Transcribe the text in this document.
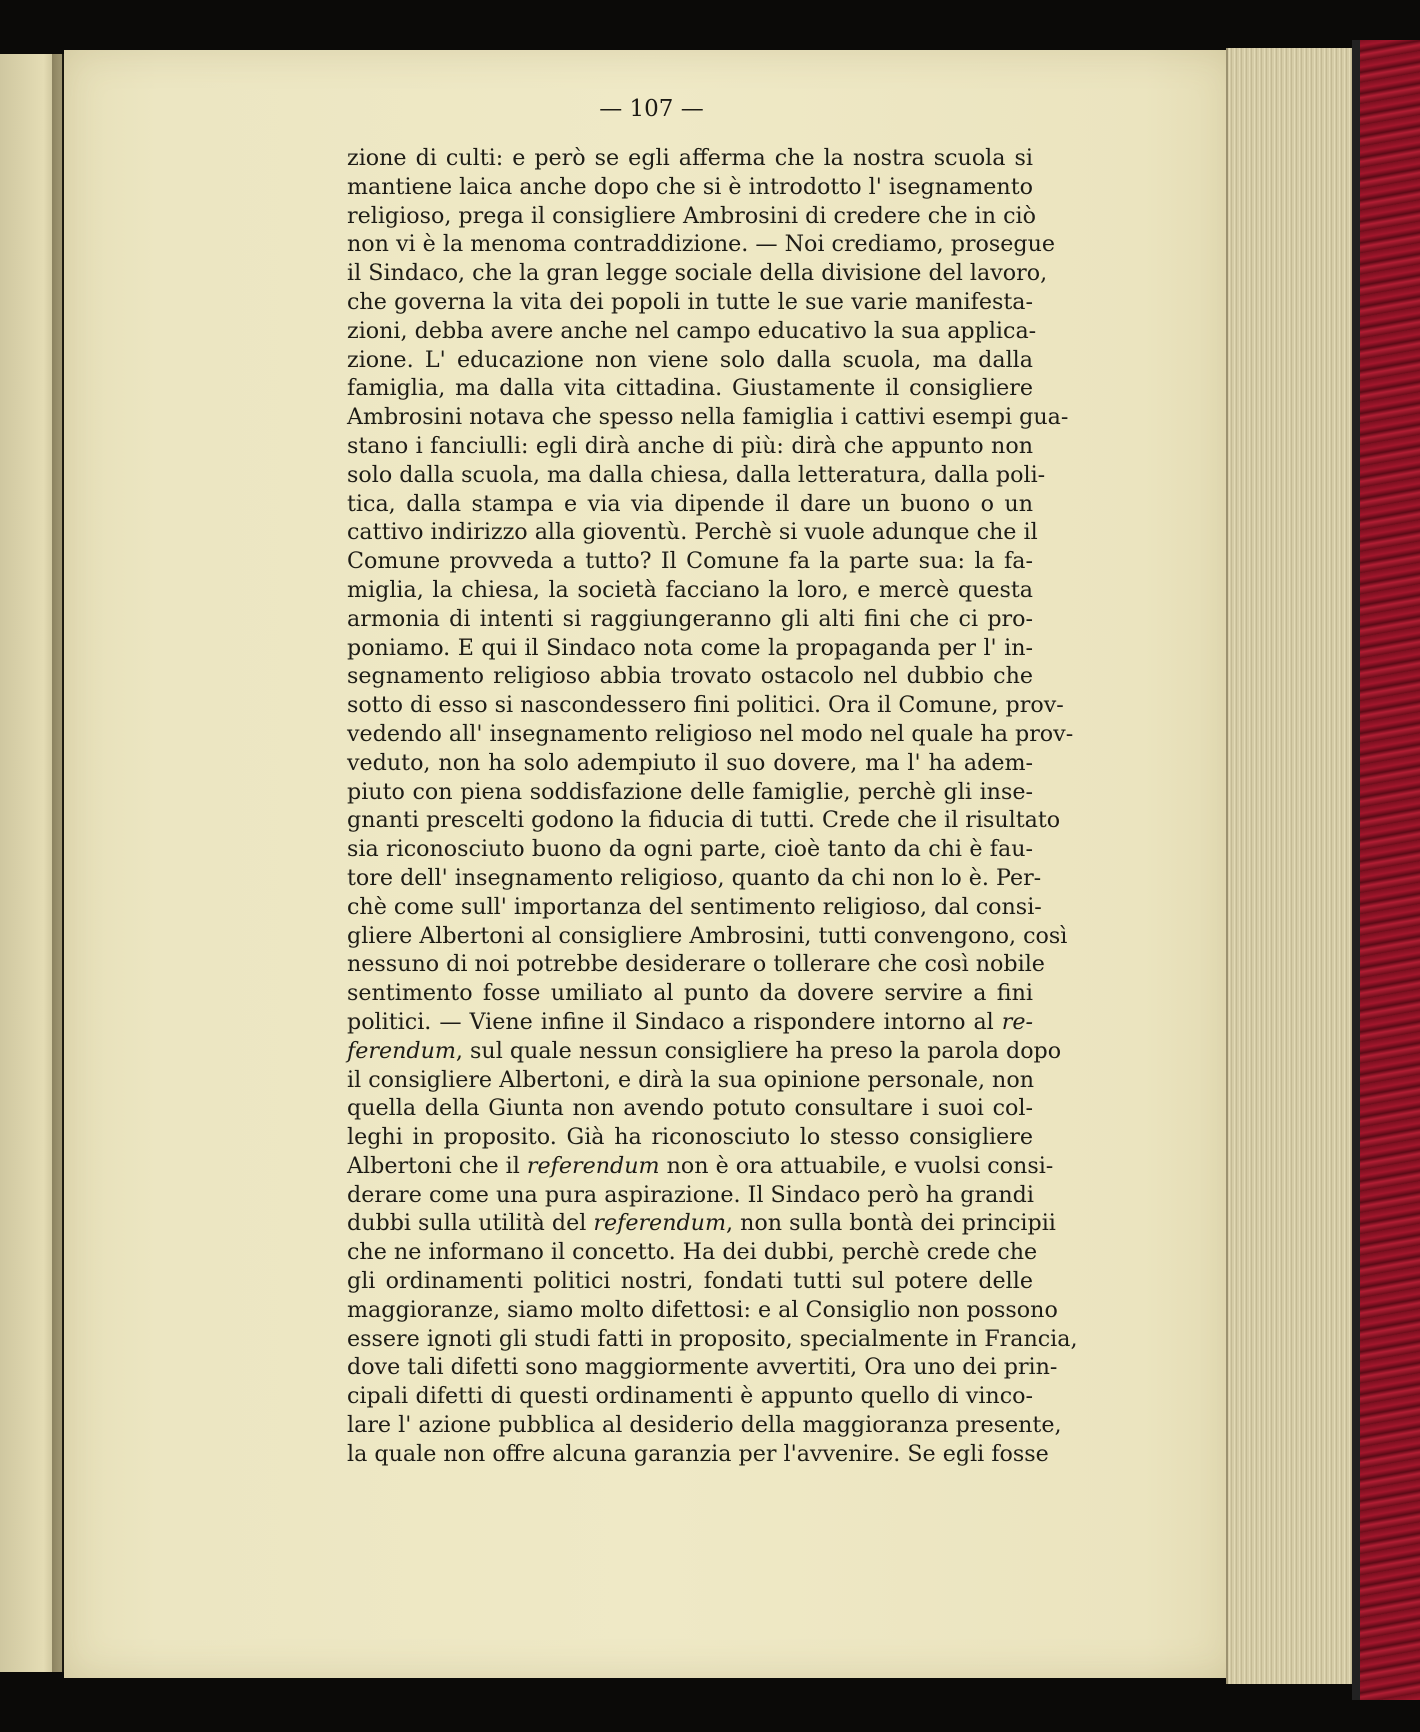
— 107 —
zione di culti: e però se egli afferma che la nostra scuola si
mantiene laica anche dopo che si è introdotto l' isegnamento
religioso, prega il consigliere Ambrosini di credere che in ciò
non vi è la menoma contraddizione. — Noi crediamo, prosegue
il Sindaco, che la gran legge sociale della divisione del lavoro,
che governa la vita dei popoli in tutte le sue varie manifesta-
zioni, debba avere anche nel campo educativo la sua applica-
zione. L' educazione non viene solo dalla scuola, ma dalla
famiglia, ma dalla vita cittadina. Giustamente il consigliere
Ambrosini notava che spesso nella famiglia i cattivi esempi gua-
stano i fanciulli: egli dirà anche di più: dirà che appunto non
solo dalla scuola, ma dalla chiesa, dalla letteratura, dalla poli-
tica, dalla stampa e via via dipende il dare un buono o un
cattivo indirizzo alla gioventù. Perchè si vuole adunque che il
Comune provveda a tutto? Il Comune fa la parte sua: la fa-
miglia, la chiesa, la società facciano la loro, e mercè questa
armonia di intenti si raggiungeranno gli alti fini che ci pro-
poniamo. E qui il Sindaco nota come la propaganda per l' in-
segnamento religioso abbia trovato ostacolo nel dubbio che
sotto di esso si nascondessero fini politici. Ora il Comune, prov-
vedendo all' insegnamento religioso nel modo nel quale ha prov-
veduto, non ha solo adempiuto il suo dovere, ma l' ha adem-
piuto con piena soddisfazione delle famiglie, perchè gli inse-
gnanti prescelti godono la fiducia di tutti. Crede che il risultato
sia riconosciuto buono da ogni parte, cioè tanto da chi è fau-
tore dell' insegnamento religioso, quanto da chi non lo è. Per-
chè come sull' importanza del sentimento religioso, dal consi-
gliere Albertoni al consigliere Ambrosini, tutti convengono, così
nessuno di noi potrebbe desiderare o tollerare che così nobile
sentimento fosse umiliato al punto da dovere servire a fini
politici. — Viene infine il Sindaco a rispondere intorno al re-
ferendum, sul quale nessun consigliere ha preso la parola dopo
il consigliere Albertoni, e dirà la sua opinione personale, non
quella della Giunta non avendo potuto consultare i suoi col-
leghi in proposito. Già ha riconosciuto lo stesso consigliere
Albertoni che il referendum non è ora attuabile, e vuolsi consi-
derare come una pura aspirazione. Il Sindaco però ha grandi
dubbi sulla utilità del referendum, non sulla bontà dei principii
che ne informano il concetto. Ha dei dubbi, perchè crede che
gli ordinamenti politici nostri, fondati tutti sul potere delle
maggioranze, siamo molto difettosi: e al Consiglio non possono
essere ignoti gli studi fatti in proposito, specialmente in Francia,
dove tali difetti sono maggiormente avvertiti, Ora uno dei prin-
cipali difetti di questi ordinamenti è appunto quello di vinco-
lare l' azione pubblica al desiderio della maggioranza presente,
la quale non offre alcuna garanzia per l'avvenire. Se egli fosse
